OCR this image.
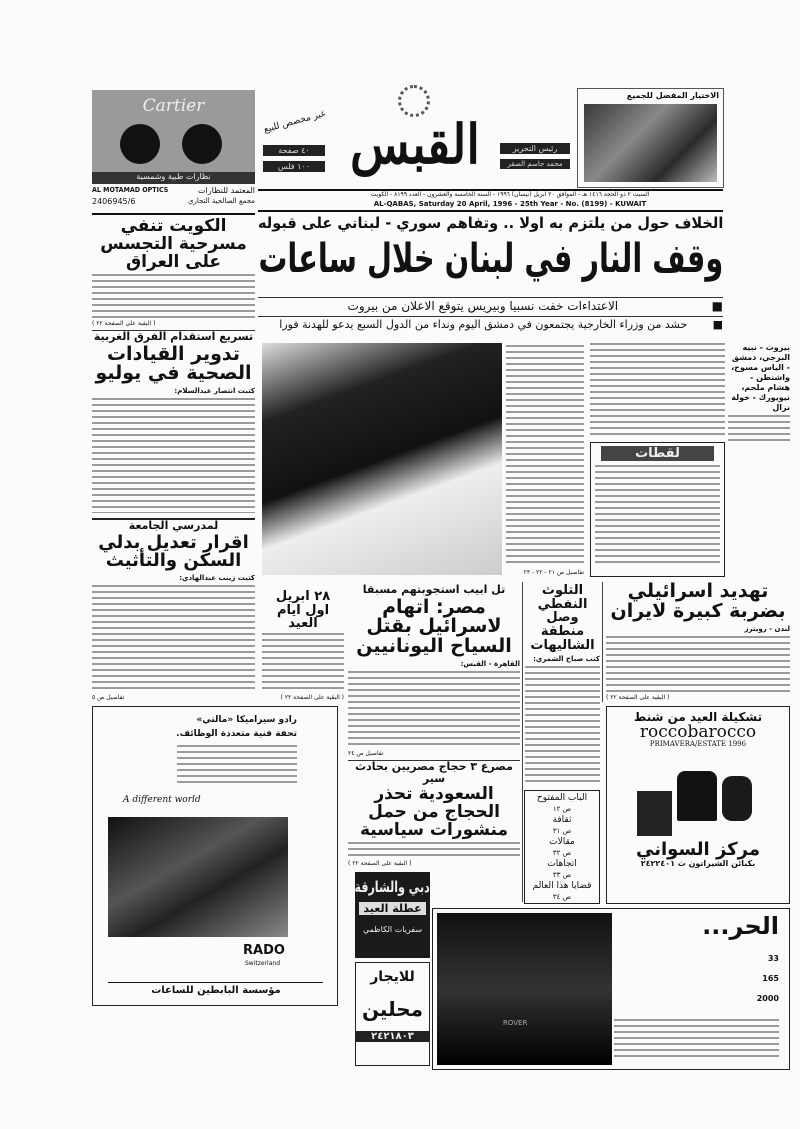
Cartier
نظارات طبية وشمسية
المعتمد للنظارات
AL MOTAMAD OPTICS
مجمع الصالحية التجاري
2406945/6
القبس
غير مخصص للبيع
٤٠ صفحة
١٠٠ فلس
رئيس التحرير
محمد جاسم الصقر
الاختيار المفضل للجميع
السبت ٢ ذو الحجة ١٤١٦ هـ - الموافق ٢٠ ابريل (نيسان) ١٩٩٦ - السنة الخامسة والعشرون - العدد ٨١٩٩ - الكويت
AL-QABAS, Saturday 20 April, 1996 - 25th Year - No. (8199) - KUWAIT
الخلاف حول من يلتزم به اولا .. وتفاهم سوري - لبناني على قبوله
وقف النار في لبنان خلال ساعات
■
الاعتداءات خفت نسبيا وبيريس يتوقع الاعلان من بيروت
■
حشد من وزراء الخارجية يجتمعون في دمشق اليوم ونداء من الدول السبع يدعو للهدنة فورا
بيروت - نبيه البرجي، دمشق - الياس مسوح، واشنطن - هشام ملحم، نيويورك - خولة نزال
تفاصيل ص ٢١ - ٢٢ - ٢٣
لقطات
الكويت تنفي مسرحية التجسس على العراق
( البقية على الصفحة ٢٢ )
تسريع استقدام الفرق الغربية
تدوير القيادات الصحية في يوليو
كتبت انتصار عبدالسلام:
لمدرسي الجامعة
اقرار تعديل بدلي السكن والتأثيث
كتبت زينب عبدالهادي:
تفاصيل ص ٥
٢٨ ابريل اول ايام العيد
( البقية على الصفحة ٢٢ )
تل ابيب استجوبتهم مسبقا
مصر: اتهام لاسرائيل بقتل السياح اليونانيين
القاهرة - القبس:
تفاصيل ص ٢٤
التلوث النفطي وصل منطقة الشاليهات
كتب صباح الشمري:
تهديد اسرائيلي بضربة كبيرة لايران
لندن - رويترز
( البقية على الصفحة ٢٢ )
تشكيلة العيد من شنط
roccobarocco
PRIMAVERA/ESTATE 1996
مركز السواني
بكبائن الشيراتون ت ٢٤٢٢٤٠١
رادو سيراميكا «مالتي»
تحفة فنية متعددة الوظائف.
A different world
RADO
Switzerland
مؤسسة البابطين للساعات
مصرع ٣ حجاج مصريين بحادث سير
السعودية تحذر الحجاج من حمل منشورات سياسية
( البقية على الصفحة ٢٢ )
الباب المفتوح
ص ١٢
ثقافة
ص ٣١
مقالات
ص ٣٢
اتجاهات
ص ٣٣
قضايا هذا العالم
ص ٣٤
دبي والشارقة
عطلة العيد
سفريات الكاظمي
للايجار
محلين
٢٤٢١٨٠٣
ROVER
الحر...
33
165
2000
